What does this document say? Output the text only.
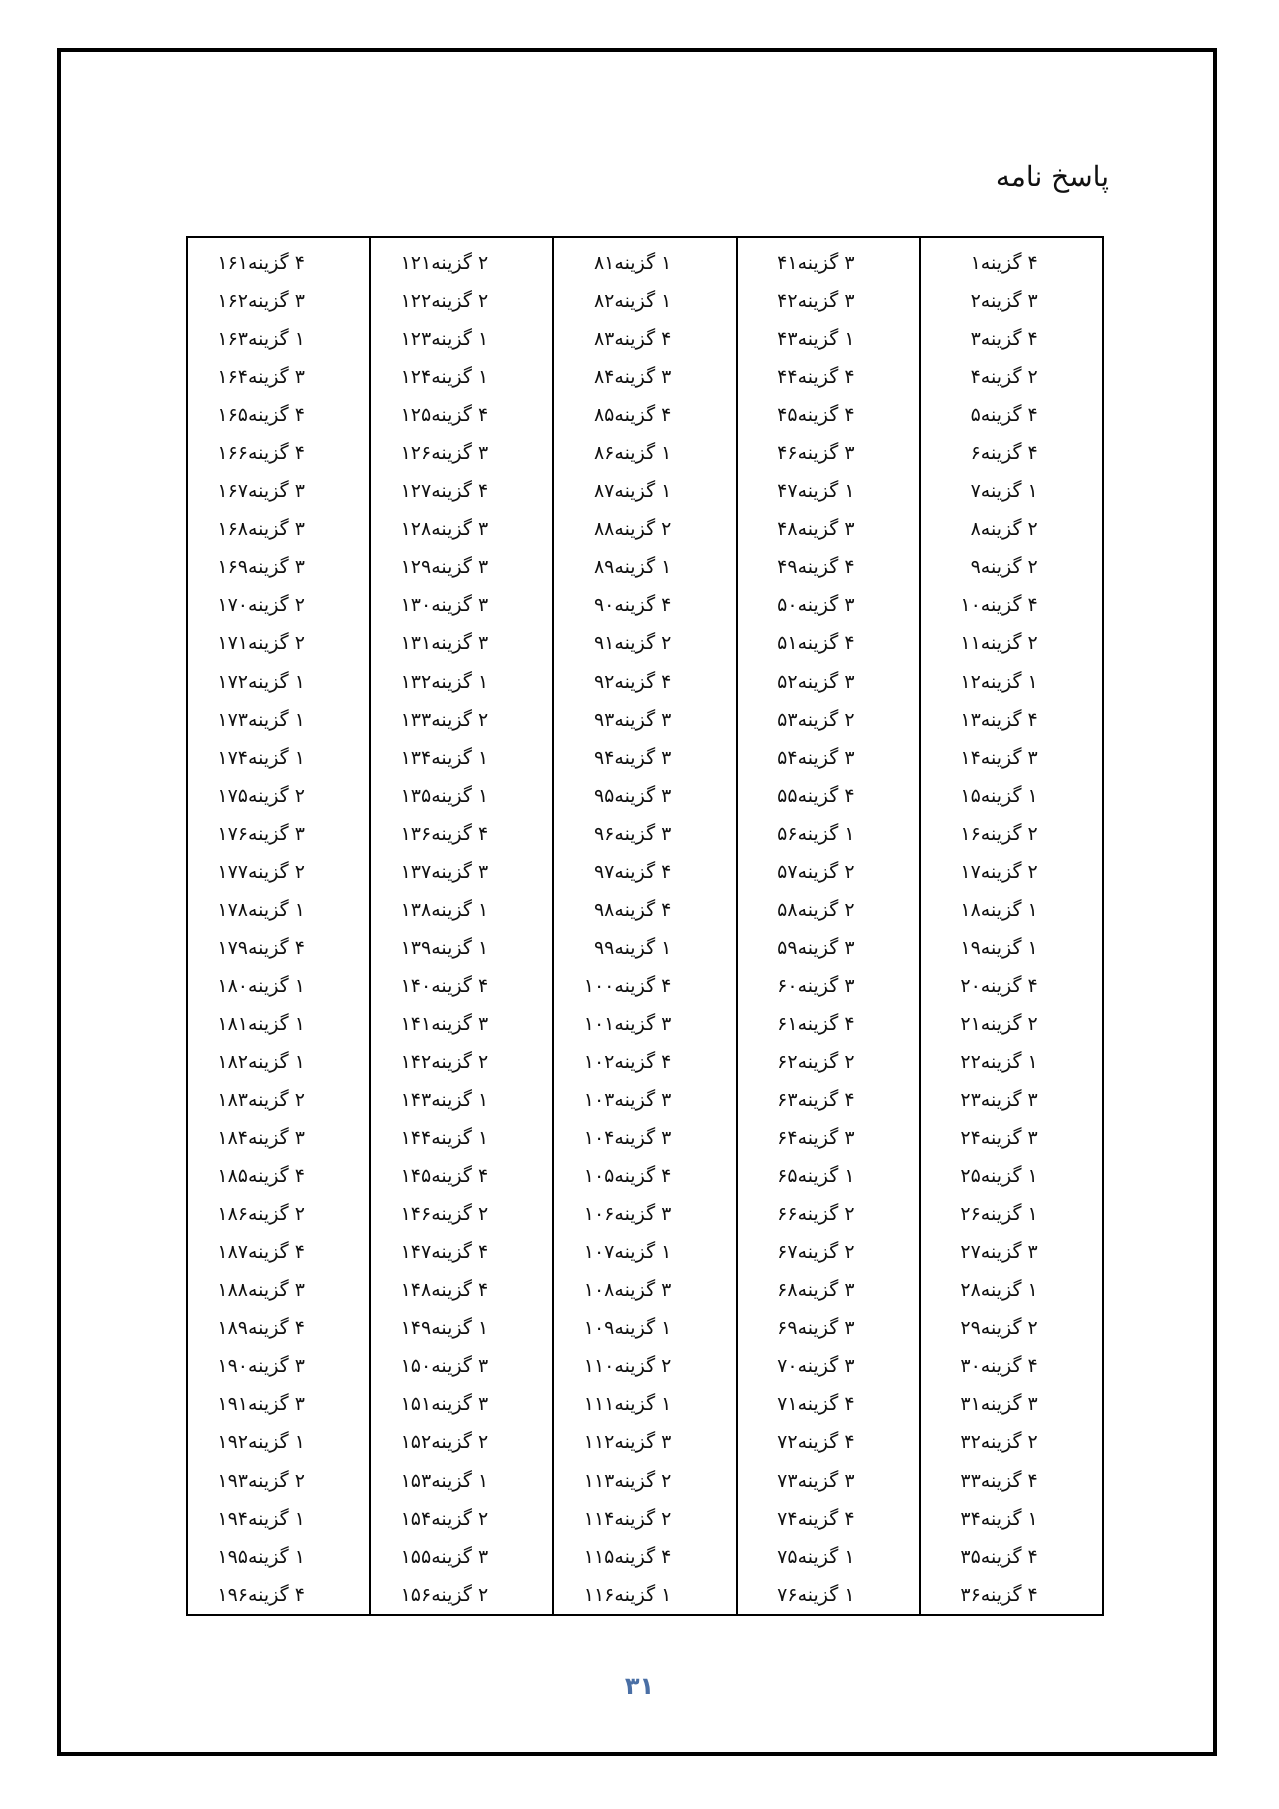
پاسخ نامه
۱ گزینه ۴
۲ گزینه ۳
۳ گزینه ۴
۴ گزینه ۲
۵ گزینه ۴
۶ گزینه ۴
۷ گزینه ۱
۸ گزینه ۲
۹ گزینه ۲
۱۰ گزینه ۴
۱۱ گزینه ۲
۱۲ گزینه ۱
۱۳ گزینه ۴
۱۴ گزینه ۳
۱۵ گزینه ۱
۱۶ گزینه ۲
۱۷ گزینه ۲
۱۸ گزینه ۱
۱۹ گزینه ۱
۲۰ گزینه ۴
۲۱ گزینه ۲
۲۲ گزینه ۱
۲۳ گزینه ۳
۲۴ گزینه ۳
۲۵ گزینه ۱
۲۶ گزینه ۱
۲۷ گزینه ۳
۲۸ گزینه ۱
۲۹ گزینه ۲
۳۰ گزینه ۴
۳۱ گزینه ۳
۳۲ گزینه ۲
۳۳ گزینه ۴
۳۴ گزینه ۱
۳۵ گزینه ۴
۳۶ گزینه ۴
۴۱ گزینه ۳
۴۲ گزینه ۳
۴۳ گزینه ۱
۴۴ گزینه ۴
۴۵ گزینه ۴
۴۶ گزینه ۳
۴۷ گزینه ۱
۴۸ گزینه ۳
۴۹ گزینه ۴
۵۰ گزینه ۳
۵۱ گزینه ۴
۵۲ گزینه ۳
۵۳ گزینه ۲
۵۴ گزینه ۳
۵۵ گزینه ۴
۵۶ گزینه ۱
۵۷ گزینه ۲
۵۸ گزینه ۲
۵۹ گزینه ۳
۶۰ گزینه ۳
۶۱ گزینه ۴
۶۲ گزینه ۲
۶۳ گزینه ۴
۶۴ گزینه ۳
۶۵ گزینه ۱
۶۶ گزینه ۲
۶۷ گزینه ۲
۶۸ گزینه ۳
۶۹ گزینه ۳
۷۰ گزینه ۳
۷۱ گزینه ۴
۷۲ گزینه ۴
۷۳ گزینه ۳
۷۴ گزینه ۴
۷۵ گزینه ۱
۷۶ گزینه ۱
۸۱ گزینه ۱
۸۲ گزینه ۱
۸۳ گزینه ۴
۸۴ گزینه ۳
۸۵ گزینه ۴
۸۶ گزینه ۱
۸۷ گزینه ۱
۸۸ گزینه ۲
۸۹ گزینه ۱
۹۰ گزینه ۴
۹۱ گزینه ۲
۹۲ گزینه ۴
۹۳ گزینه ۳
۹۴ گزینه ۳
۹۵ گزینه ۳
۹۶ گزینه ۳
۹۷ گزینه ۴
۹۸ گزینه ۴
۹۹ گزینه ۱
۱۰۰ گزینه ۴
۱۰۱ گزینه ۳
۱۰۲ گزینه ۴
۱۰۳ گزینه ۳
۱۰۴ گزینه ۳
۱۰۵ گزینه ۴
۱۰۶ گزینه ۳
۱۰۷ گزینه ۱
۱۰۸ گزینه ۳
۱۰۹ گزینه ۱
۱۱۰ گزینه ۲
۱۱۱ گزینه ۱
۱۱۲ گزینه ۳
۱۱۳ گزینه ۲
۱۱۴ گزینه ۲
۱۱۵ گزینه ۴
۱۱۶ گزینه ۱
۱۲۱ گزینه ۲
۱۲۲ گزینه ۲
۱۲۳ گزینه ۱
۱۲۴ گزینه ۱
۱۲۵ گزینه ۴
۱۲۶ گزینه ۳
۱۲۷ گزینه ۴
۱۲۸ گزینه ۳
۱۲۹ گزینه ۳
۱۳۰ گزینه ۳
۱۳۱ گزینه ۳
۱۳۲ گزینه ۱
۱۳۳ گزینه ۲
۱۳۴ گزینه ۱
۱۳۵ گزینه ۱
۱۳۶ گزینه ۴
۱۳۷ گزینه ۳
۱۳۸ گزینه ۱
۱۳۹ گزینه ۱
۱۴۰ گزینه ۴
۱۴۱ گزینه ۳
۱۴۲ گزینه ۲
۱۴۳ گزینه ۱
۱۴۴ گزینه ۱
۱۴۵ گزینه ۴
۱۴۶ گزینه ۲
۱۴۷ گزینه ۴
۱۴۸ گزینه ۴
۱۴۹ گزینه ۱
۱۵۰ گزینه ۳
۱۵۱ گزینه ۳
۱۵۲ گزینه ۲
۱۵۳ گزینه ۱
۱۵۴ گزینه ۲
۱۵۵ گزینه ۳
۱۵۶ گزینه ۲
۱۶۱ گزینه ۴
۱۶۲ گزینه ۳
۱۶۳ گزینه ۱
۱۶۴ گزینه ۳
۱۶۵ گزینه ۴
۱۶۶ گزینه ۴
۱۶۷ گزینه ۳
۱۶۸ گزینه ۳
۱۶۹ گزینه ۳
۱۷۰ گزینه ۲
۱۷۱ گزینه ۲
۱۷۲ گزینه ۱
۱۷۳ گزینه ۱
۱۷۴ گزینه ۱
۱۷۵ گزینه ۲
۱۷۶ گزینه ۳
۱۷۷ گزینه ۲
۱۷۸ گزینه ۱
۱۷۹ گزینه ۴
۱۸۰ گزینه ۱
۱۸۱ گزینه ۱
۱۸۲ گزینه ۱
۱۸۳ گزینه ۲
۱۸۴ گزینه ۳
۱۸۵ گزینه ۴
۱۸۶ گزینه ۲
۱۸۷ گزینه ۴
۱۸۸ گزینه ۳
۱۸۹ گزینه ۴
۱۹۰ گزینه ۳
۱۹۱ گزینه ۳
۱۹۲ گزینه ۱
۱۹۳ گزینه ۲
۱۹۴ گزینه ۱
۱۹۵ گزینه ۱
۱۹۶ گزینه ۴
۳۱
